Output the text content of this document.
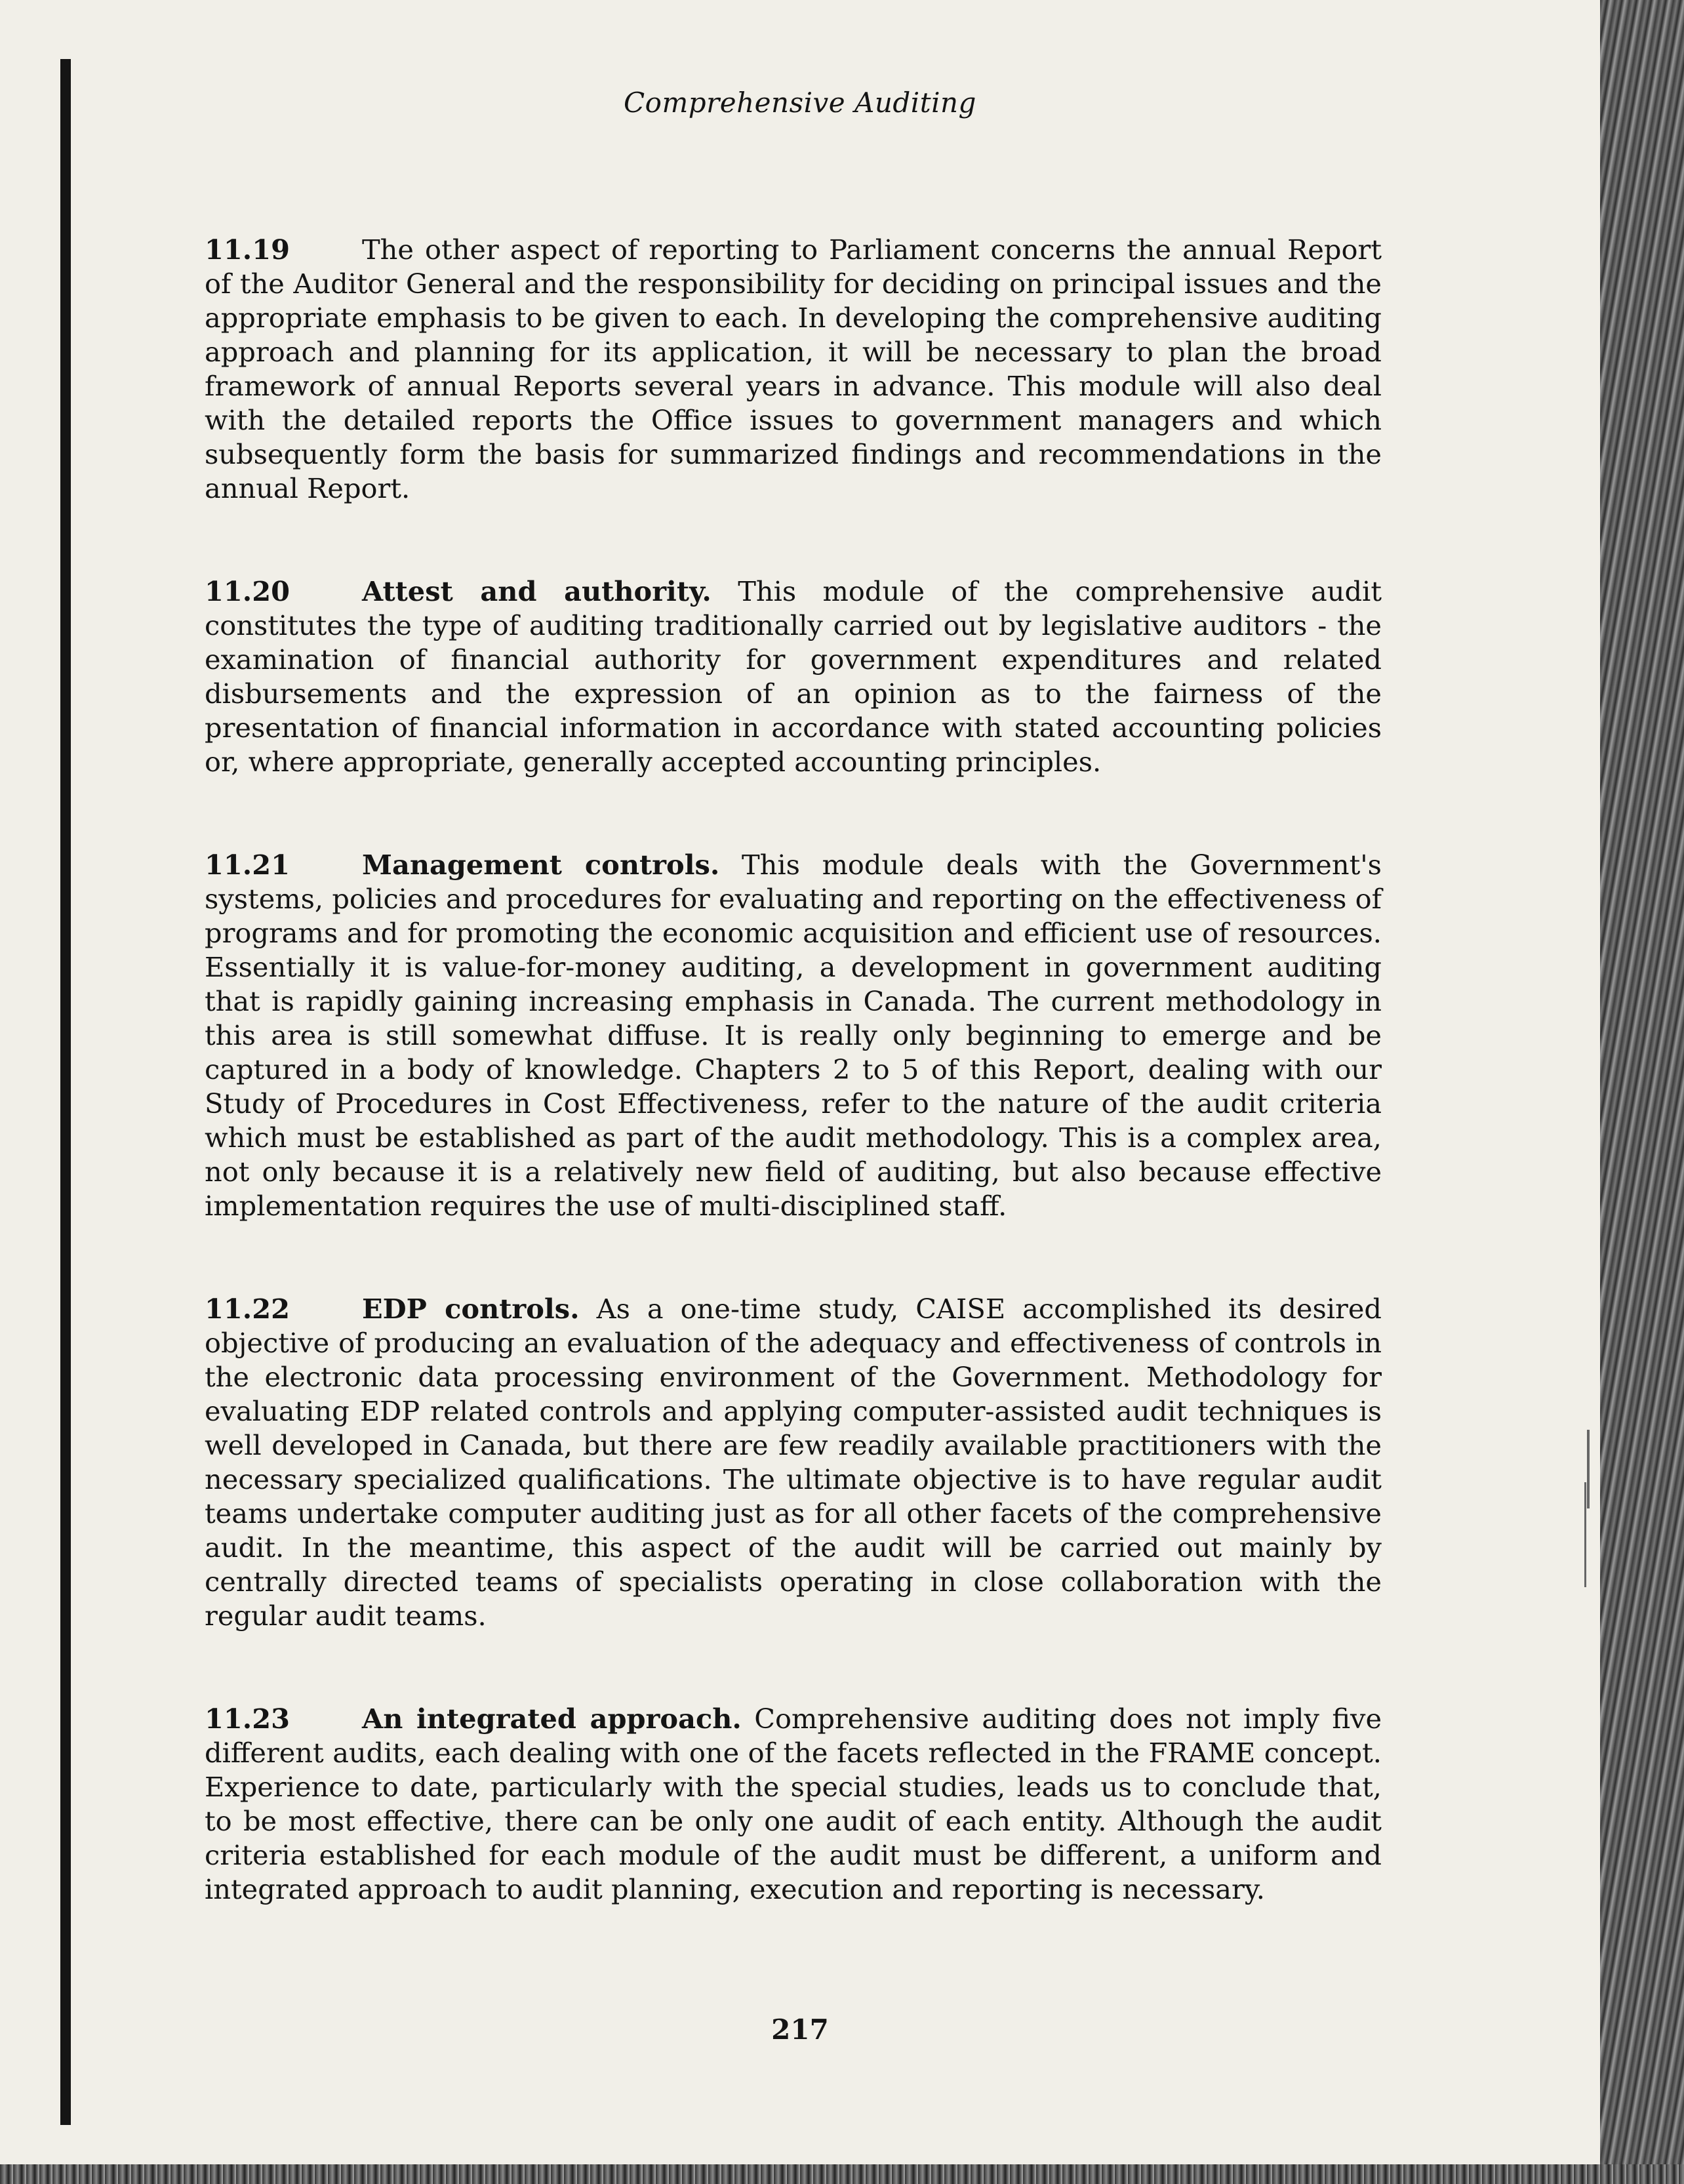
Comprehensive Auditing

11.19	The other aspect of reporting to Parliament concerns the annual Report of the Auditor General and the responsibility for deciding on principal issues and the appropriate emphasis to be given to each. In developing the comprehensive auditing approach and planning for its application, it will be necessary to plan the broad framework of annual Reports several years in advance. This module will also deal with the detailed reports the Office issues to government managers and which subsequently form the basis for summarized findings and recommendations in the annual Report.

11.20	Attest and authority. This module of the comprehensive audit constitutes the type of auditing traditionally carried out by legislative auditors - the examination of financial authority for government expenditures and related disbursements and the expression of an opinion as to the fairness of the presentation of financial information in accordance with stated accounting policies or, where appropriate, generally accepted accounting principles.

11.21	Management controls. This module deals with the Government's systems, policies and procedures for evaluating and reporting on the effectiveness of programs and for promoting the economic acquisition and efficient use of resources. Essentially it is value-for-money auditing, a development in government auditing that is rapidly gaining increasing emphasis in Canada. The current methodology in this area is still somewhat diffuse. It is really only beginning to emerge and be captured in a body of knowledge. Chapters 2 to 5 of this Report, dealing with our Study of Procedures in Cost Effectiveness, refer to the nature of the audit criteria which must be established as part of the audit methodology. This is a complex area, not only because it is a relatively new field of auditing, but also because effective implementation requires the use of multi-disciplined staff.

11.22	EDP controls. As a one-time study, CAISE accomplished its desired objective of producing an evaluation of the adequacy and effectiveness of controls in the electronic data processing environment of the Government. Methodology for evaluating EDP related controls and applying computer-assisted audit techniques is well developed in Canada, but there are few readily available practitioners with the necessary specialized qualifications. The ultimate objective is to have regular audit teams undertake computer auditing just as for all other facets of the comprehensive audit. In the meantime, this aspect of the audit will be carried out mainly by centrally directed teams of specialists operating in close collaboration with the regular audit teams.

11.23	An integrated approach. Comprehensive auditing does not imply five different audits, each dealing with one of the facets reflected in the FRAME concept. Experience to date, particularly with the special studies, leads us to conclude that, to be most effective, there can be only one audit of each entity. Although the audit criteria established for each module of the audit must be different, a uniform and integrated approach to audit planning, execution and reporting is necessary.

217
